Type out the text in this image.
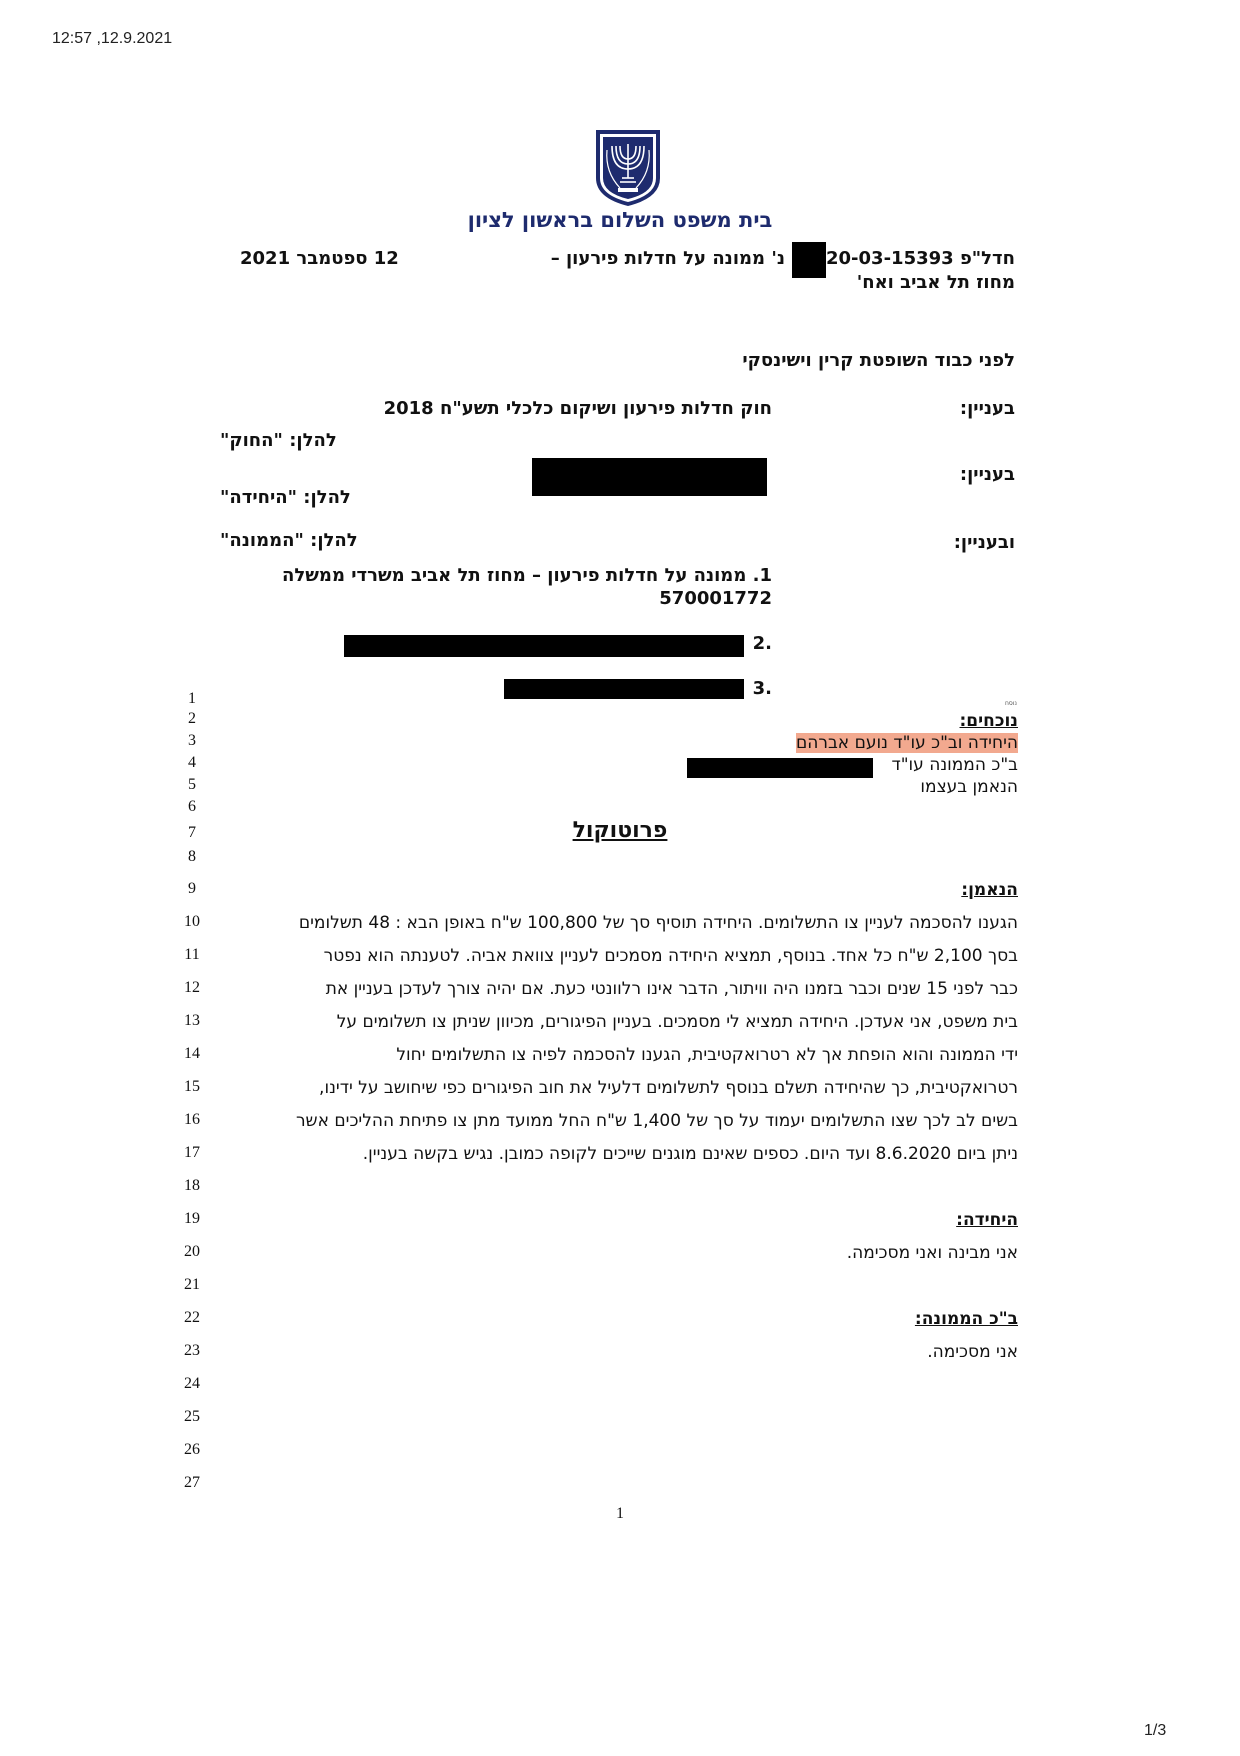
12:57 ,12.9.2021
1/3
בית משפט השלום בראשון לציון
חדל"פ 20-03-15393
נ' ממונה על חדלות פירעון –
מחוז תל אביב ואח'
12 ספטמבר 2021
לפני כבוד השופטת קרין וישינסקי
בעניין:
חוק חדלות פירעון ושיקום כלכלי תשע"ח 2018
להלן: "החוק"
בעניין:
להלן: "היחידה"
ובעניין:
להלן: "הממונה"
1. ממונה על חדלות פירעון – מחוז תל אביב משרדי ממשלה
570001772
.2
.3
1
2
3
4
5
6
7
8
9
10
11
12
13
14
15
16
17
18
19
20
21
22
23
24
25
26
27
נוסח
נוכחים:
היחידה וב"כ עו"ד נועם אברהם
ב"כ הממונה עו"ד
הנאמן בעצמו
פרוטוקול
הנאמן:
הגענו להסכמה לעניין צו התשלומים. היחידה תוסיף סך של 100,800 ש"ח באופן הבא : 48 תשלומים
בסך 2,100 ש"ח כל אחד. בנוסף, תמציא היחידה מסמכים לעניין צוואת אביה. לטענתה הוא נפטר
כבר לפני 15 שנים וכבר בזמנו היה וויתור, הדבר אינו רלוונטי כעת. אם יהיה צורך לעדכן בעניין את
בית משפט, אני אעדכן. היחידה תמציא לי מסמכים. בעניין הפיגורים, מכיוון שניתן צו תשלומים על
ידי הממונה והוא הופחת אך לא רטרואקטיבית, הגענו להסכמה לפיה צו התשלומים יחול
רטרואקטיבית, כך שהיחידה תשלם בנוסף לתשלומים דלעיל את חוב הפיגורים כפי שיחושב על ידינו,
בשים לב לכך שצו התשלומים יעמוד על סך של 1,400 ש"ח החל ממועד מתן צו פתיחת ההליכים אשר
ניתן ביום 8.6.2020 ועד היום. כספים שאינם מוגנים שייכים לקופה כמובן. נגיש בקשה בעניין.
היחידה:
אני מבינה ואני מסכימה.
ב"כ הממונה:
אני מסכימה.
1
